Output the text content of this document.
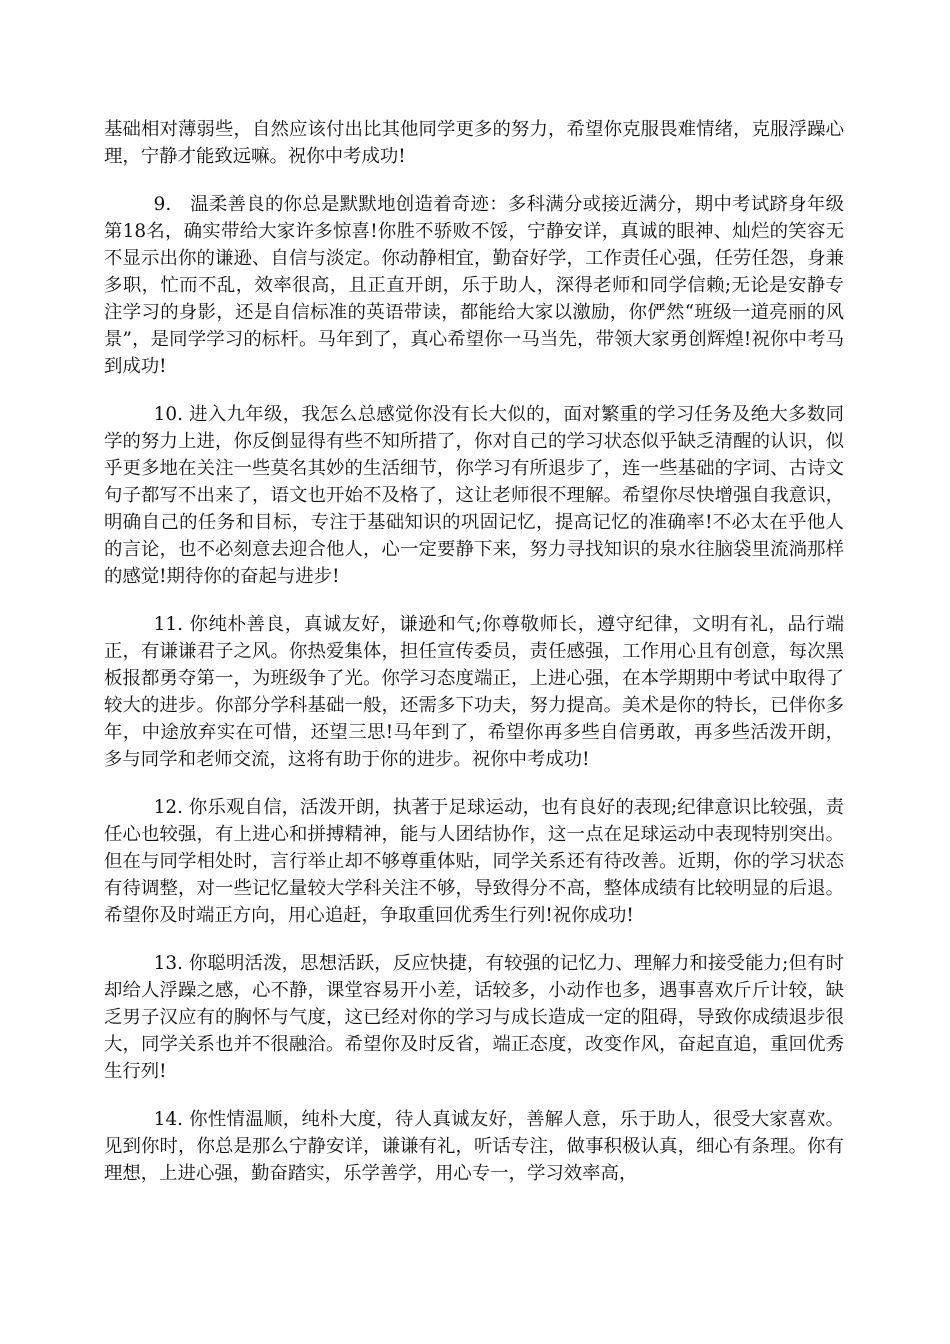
基础相对薄弱些，自然应该付出比其他同学更多的努力，希望你克服畏难情绪，克服浮躁心理，宁静才能致远嘛。祝你中考成功!

9.　温柔善良的你总是默默地创造着奇迹：多科满分或接近满分，期中考试跻身年级第18名，确实带给大家许多惊喜!你胜不骄败不馁，宁静安详，真诚的眼神、灿烂的笑容无不显示出你的谦逊、自信与淡定。你动静相宜，勤奋好学，工作责任心强，任劳任怨，身兼多职，忙而不乱，效率很高，且正直开朗，乐于助人，深得老师和同学信赖;无论是安静专注学习的身影，还是自信标准的英语带读，都能给大家以激励，你俨然“班级一道亮丽的风景”，是同学学习的标杆。马年到了，真心希望你一马当先，带领大家勇创辉煌!祝你中考马到成功!

10. 进入九年级，我怎么总感觉你没有长大似的，面对繁重的学习任务及绝大多数同学的努力上进，你反倒显得有些不知所措了，你对自己的学习状态似乎缺乏清醒的认识，似乎更多地在关注一些莫名其妙的生活细节，你学习有所退步了，连一些基础的字词、古诗文句子都写不出来了，语文也开始不及格了，这让老师很不理解。希望你尽快增强自我意识，明确自己的任务和目标，专注于基础知识的巩固记忆，提高记忆的准确率!不必太在乎他人的言论，也不必刻意去迎合他人，心一定要静下来，努力寻找知识的泉水往脑袋里流淌那样的感觉!期待你的奋起与进步!

11. 你纯朴善良，真诚友好，谦逊和气;你尊敬师长，遵守纪律，文明有礼，品行端正，有谦谦君子之风。你热爱集体，担任宣传委员，责任感强，工作用心且有创意，每次黑板报都勇夺第一，为班级争了光。你学习态度端正，上进心强，在本学期期中考试中取得了较大的进步。你部分学科基础一般，还需多下功夫，努力提高。美术是你的特长，已伴你多年，中途放弃实在可惜，还望三思!马年到了，希望你再多些自信勇敢，再多些活泼开朗，多与同学和老师交流，这将有助于你的进步。祝你中考成功!

12. 你乐观自信，活泼开朗，执著于足球运动，也有良好的表现;纪律意识比较强，责任心也较强，有上进心和拼搏精神，能与人团结协作，这一点在足球运动中表现特别突出。但在与同学相处时，言行举止却不够尊重体贴，同学关系还有待改善。近期，你的学习状态有待调整，对一些记忆量较大学科关注不够，导致得分不高，整体成绩有比较明显的后退。希望你及时端正方向，用心追赶，争取重回优秀生行列!祝你成功!

13. 你聪明活泼，思想活跃，反应快捷，有较强的记忆力、理解力和接受能力;但有时却给人浮躁之感，心不静，课堂容易开小差，话较多，小动作也多，遇事喜欢斤斤计较，缺乏男子汉应有的胸怀与气度，这已经对你的学习与成长造成一定的阻碍，导致你成绩退步很大，同学关系也并不很融洽。希望你及时反省，端正态度，改变作风，奋起直追，重回优秀生行列!

14. 你性情温顺，纯朴大度，待人真诚友好，善解人意，乐于助人，很受大家喜欢。见到你时，你总是那么宁静安详，谦谦有礼，听话专注，做事积极认真，细心有条理。你有理想，上进心强，勤奋踏实，乐学善学，用心专一，学习效率高，
